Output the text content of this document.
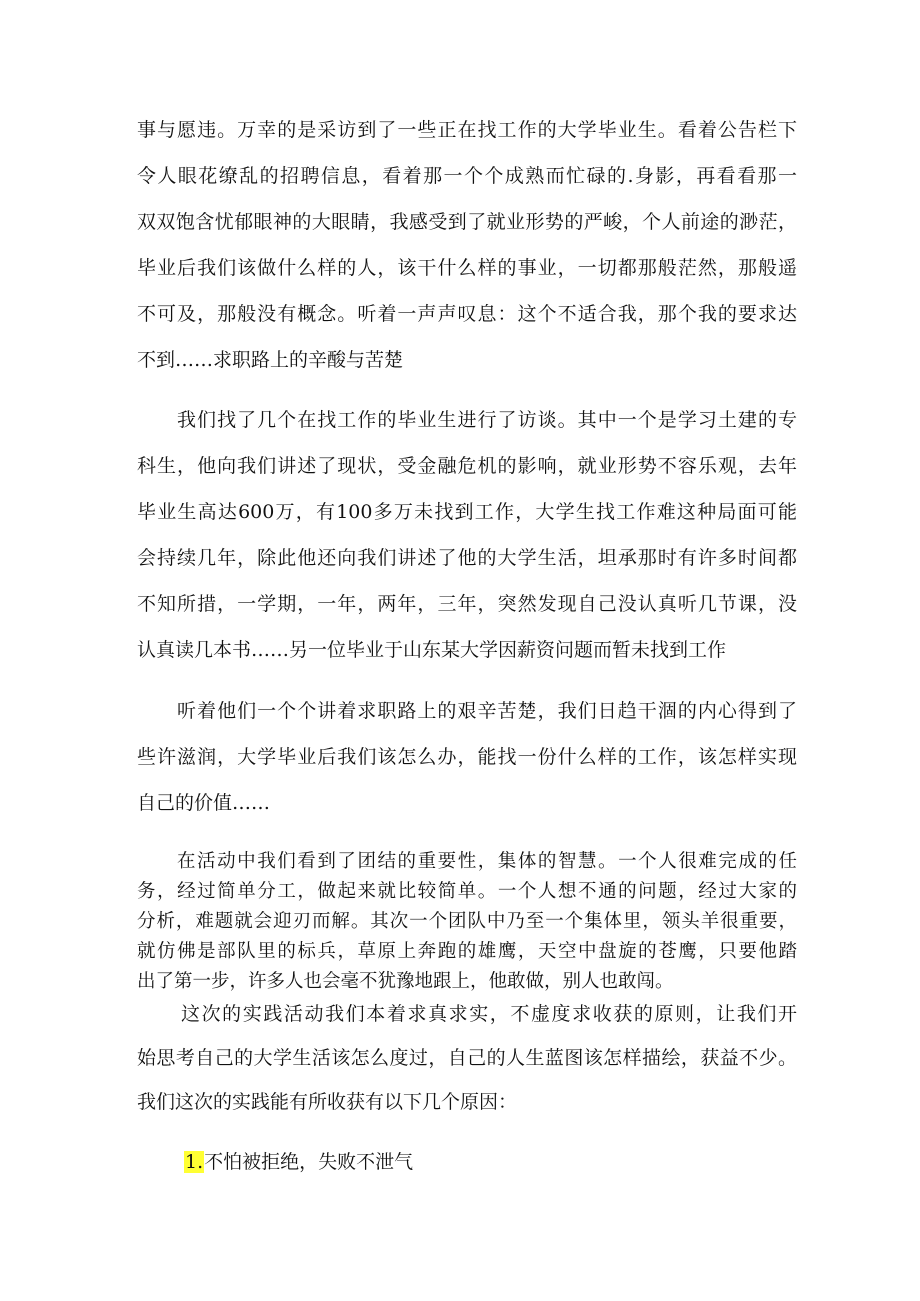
事与愿违。万幸的是采访到了一些正在找工作的大学毕业生。看着公告栏下
令人眼花缭乱的招聘信息，看着那一个个成熟而忙碌的.身影，再看看那一
双双饱含忧郁眼神的大眼睛，我感受到了就业形势的严峻，个人前途的渺茫，
毕业后我们该做什么样的人，该干什么样的事业，一切都那般茫然，那般遥
不可及，那般没有概念。听着一声声叹息：这个不适合我，那个我的要求达
不到……求职路上的辛酸与苦楚
我们找了几个在找工作的毕业生进行了访谈。其中一个是学习土建的专
科生，他向我们讲述了现状，受金融危机的影响，就业形势不容乐观，去年
毕业生高达600万，有100多万未找到工作，大学生找工作难这种局面可能
会持续几年，除此他还向我们讲述了他的大学生活，坦承那时有许多时间都
不知所措，一学期，一年，两年，三年，突然发现自己没认真听几节课，没
认真读几本书……另一位毕业于山东某大学因薪资问题而暂未找到工作
听着他们一个个讲着求职路上的艰辛苦楚，我们日趋干涸的内心得到了
些许滋润，大学毕业后我们该怎么办，能找一份什么样的工作，该怎样实现
自己的价值……
在活动中我们看到了团结的重要性，集体的智慧。一个人很难完成的任
务，经过简单分工，做起来就比较简单。一个人想不通的问题，经过大家的
分析，难题就会迎刃而解。其次一个团队中乃至一个集体里，领头羊很重要，
就仿佛是部队里的标兵，草原上奔跑的雄鹰，天空中盘旋的苍鹰，只要他踏
出了第一步，许多人也会毫不犹豫地跟上，他敢做，别人也敢闯。
这次的实践活动我们本着求真求实，不虚度求收获的原则，让我们开
始思考自己的大学生活该怎么度过，自己的人生蓝图该怎样描绘，获益不少。
我们这次的实践能有所收获有以下几个原因：
1.不怕被拒绝，失败不泄气
